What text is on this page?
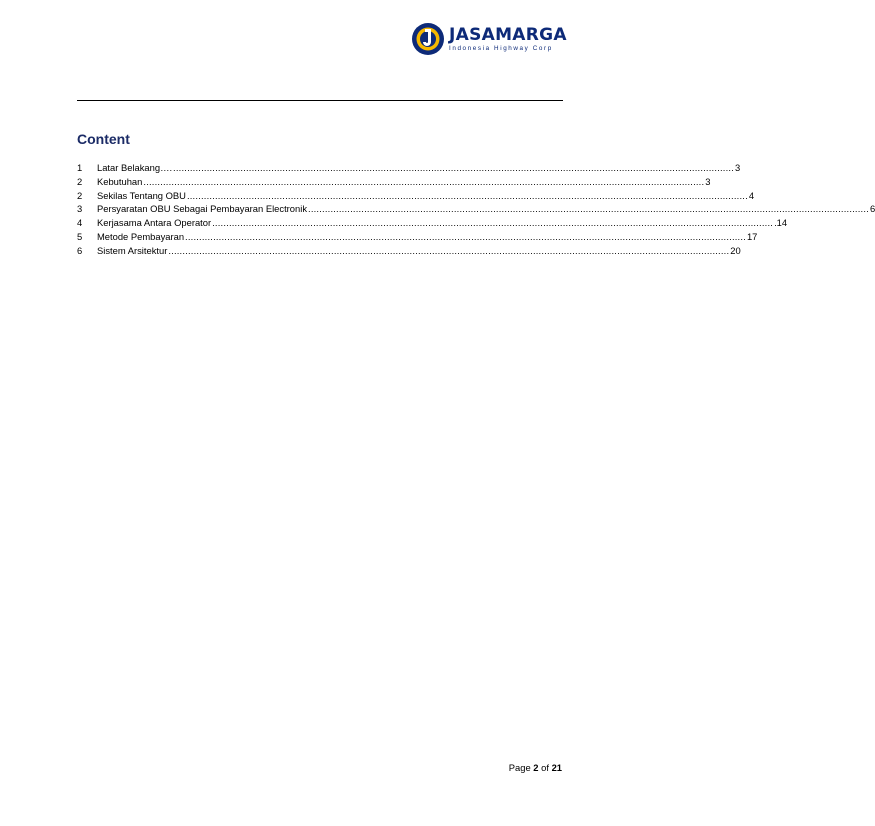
JASAMARGA
Indonesia Highway Corp
Content
1	Latar Belakang…. ........................................................................................................................................................................................................ 3
2	Kebutuhan ........................................................................................................................................................................................................ 3
2	Sekilas Tentang OBU ........................................................................................................................................................................................................ 4
3	Persyaratan OBU Sebagai Pembayaran Electronik ........................................................................................................................................................................................................ 6
4	Kerjasama Antara Operator ........................................................................................................................................................................................................ .14
5	Metode Pembayaran ........................................................................................................................................................................................................ 17
6	Sistem Arsitektur ........................................................................................................................................................................................................ 20
Page 2 of 21
